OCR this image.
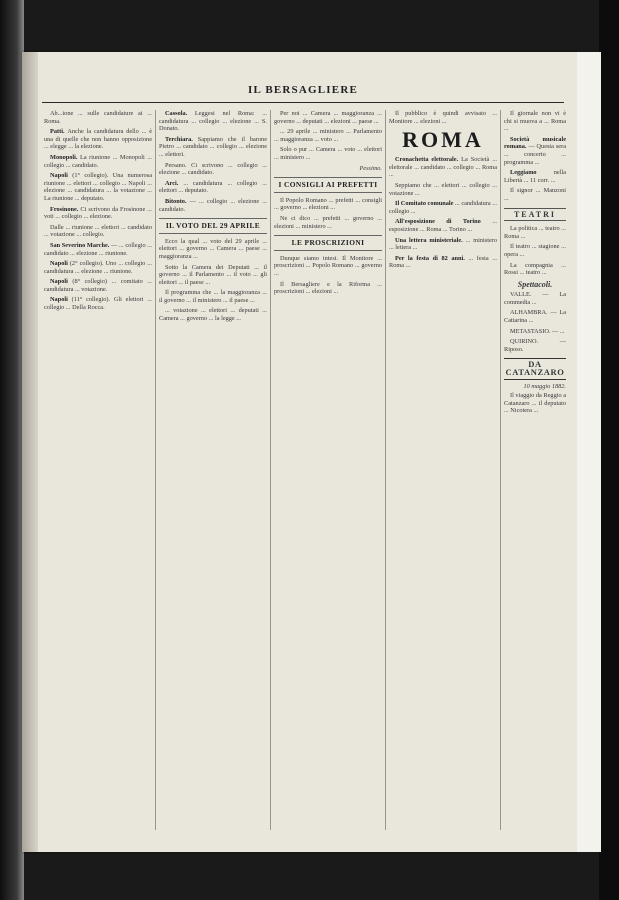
IL BERSAGLIERE

Ab...ione ... sulle candidature ai ... Roma.

Patti. Anche la candidatura dello ... è una di quelle che non hanno opposizione ... elegge ... la elezione.

Monopoli. La riunione ... Monopoli ... collegio ... candidato.

Napoli (1° collegio). Una numerosa riunione ... elettori ... collegio ... Napoli ... elezione ... candidatura ... la votazione ... La riunione ... deputato.

Frosinone. Ci scrivono da Frosinone ... voti ... collegio ... elezione.

Dalle ... riunione ... elettori ... candidato ... votazione ... collegio.

San Severino Marche. — ... collegio ... candidato ... elezione ... riunione.

Napoli (2° collegio). Uno ... collegio ... candidatura ... elezione ... riunione.

Napoli (8° collegio) ... comitato ... candidatura ... votazione.

Napoli (11° collegio). Gli elettori ... collegio ... Della Rocca.

Cassola. Leggesi nel Roma: ... candidatura ... collegio ... elezione ... S. Donato.

Terchiara. Sappiamo che il barone Pietro ... candidato ... collegio ... elezione ... elettori.

Persano. Ci scrivono ... collegio ... elezione ... candidato.

Arci. ... candidatura ... collegio ... elettori ... deputato.

Bitonto. — ... collegio ... elezione ... candidato.

IL VOTO DEL 29 APRILE

Ecco la qual ... voto del 29 aprile ... elettori ... governo ... Camera ... paese ... maggioranza ...

Sotto la Camera dei Deputati ... il governo ... il Parlamento ... il voto ... gli elettori ... il paese ...

Il programma che ... la maggioranza ... il governo ... il ministero ... il paese ...

... votazione ... elettori ... deputati ... Camera ... governo ... la legge ...

Per noi ... Camera ... maggioranza ... governo ... deputati ... elezioni ... paese ...

... 29 aprile ... ministero ... Parlamento ... maggioranza ... voto ...

Solo o pur ... Camera ... voto ... elettori ... ministero ...

Pessimo.
I CONSIGLI AI PREFETTI

Il Popolo Romano ... prefetti ... consigli ... governo ... elezioni ...

Ne ci dico ... prefetti ... governo ... elezioni ... ministero ...

LE PROSCRIZIONI

Dunque siamo intesi. Il Monitore ... proscrizioni ... Popolo Romano ... governo ...

Il Bersagliere e la Riforma ... proscrizioni ... elezioni ...

Il pubblico è quindi avvisato ... Monitore ... elezioni ...

ROMA

Cronachetta elettorale. La Società ... elettorale ... candidato ... collegio ... Roma ...

Seppiamo che ... elettori ... collegio ... votazione ...

Il Comitato comunale ... candidatura ... collegio ...

All'esposizione di Torino ... esposizione ... Roma ... Torino ...

Una lettera ministeriale. ... ministero ... lettera ...

Per la festa di 82 anni. ... festa ... Roma ...

Il giornale non vi è chi si muova a ... Roma ...

Società musicale romana. — Questa sera ... concerto ... programma ...

Leggiamo nella Libertà ... 11 corr. ...

Il signor ... Manzoni ...

TEATRI

La politica ... teatro ... Roma ...

Il teatro ... stagione ... opera ...

La compagnia ... Rossi ... teatro ...

Spettacoli.

VALLE. — La commedia ...

ALHAMBRA. — La Cattarina ...

METASTASIO. — ...

QUIRINO. — Riposo.

DA CATANZARO
10 maggio 1882.

Il viaggio da Reggio a Catanzaro ... il deputato ... Nicotera ...
